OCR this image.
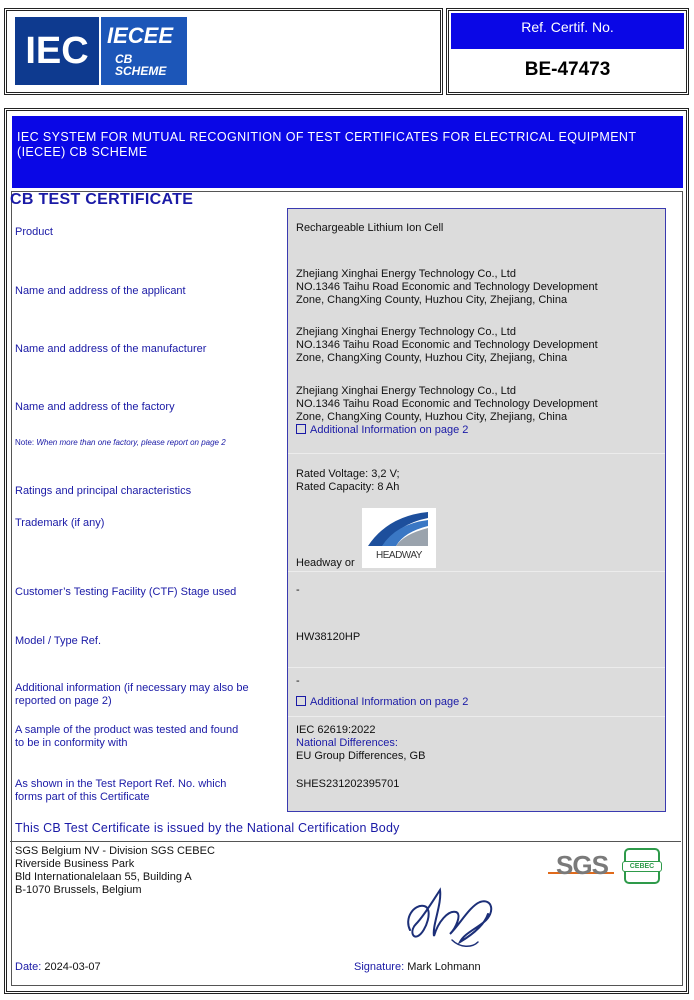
IEC IECEE
CB
SCHEME
Ref. Certif. No.
BE-47473
IEC SYSTEM FOR MUTUAL RECOGNITION OF TEST CERTIFICATES FOR ELECTRICAL EQUIPMENT (IECEE) CB SCHEME
CB TEST CERTIFICATE
Product
Name and address of the applicant
Name and address of the manufacturer
Name and address of the factory
Note: When more than one factory, please report on page 2
Ratings and principal characteristics
Trademark (if any)
Customer’s Testing Facility (CTF) Stage used
Model / Type Ref.
Additional information (if necessary may also be
reported on page 2)
A sample of the product was tested and found
to be in conformity with
As shown in the Test Report Ref. No. which
forms part of this Certificate
Rechargeable Lithium Ion Cell
Zhejiang Xinghai Energy Technology Co., Ltd
NO.1346 Taihu Road Economic and Technology Development
Zone, ChangXing County, Huzhou City, Zhejiang, China
Zhejiang Xinghai Energy Technology Co., Ltd
NO.1346 Taihu Road Economic and Technology Development
Zone, ChangXing County, Huzhou City, Zhejiang, China
Zhejiang Xinghai Energy Technology Co., Ltd
NO.1346 Taihu Road Economic and Technology Development
Zone, ChangXing County, Huzhou City, Zhejiang, China
Additional Information on page 2
Rated Voltage: 3,2 V;
Rated Capacity: 8 Ah
Headway or
HEADWAY
-
HW38120HP
-
Additional Information on page 2
IEC 62619:2022
National Differences:
EU Group Differences, GB
SHES231202395701
This CB Test Certificate is issued by the National Certification Body
SGS Belgium NV - Division SGS CEBEC
Riverside Business Park
Bld Internationalelaan 55, Building A
B-1070 Brussels, Belgium
SGS	CEBEC
Date: 2024-03-07	Signature: Mark Lohmann
